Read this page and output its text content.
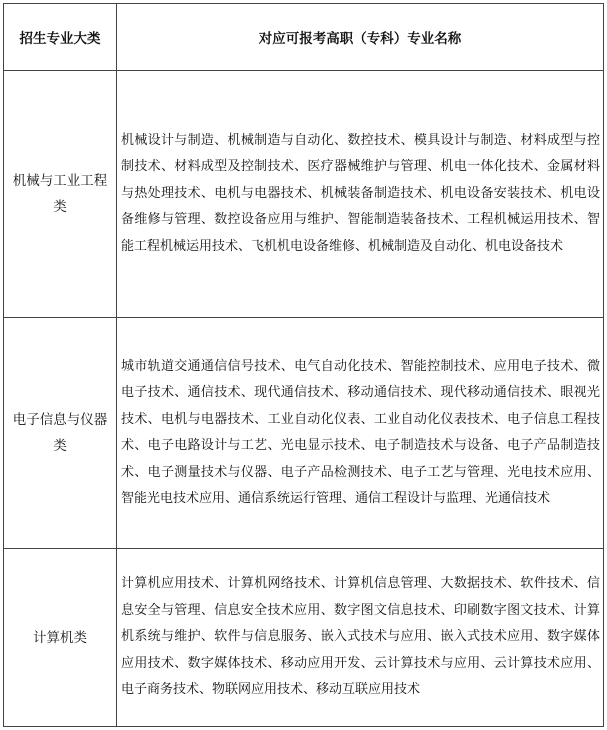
招生专业大类	对应可报考高职（专科）专业名称
机械与工业工程类	机械设计与制造、机械制造与自动化、数控技术、模具设计与制造、材料成型与控制技术、材料成型及控制技术、医疗器械维护与管理、机电一体化技术、金属材料与热处理技术、电机与电器技术、机械装备制造技术、机电设备安装技术、机电设备维修与管理、数控设备应用与维护、智能制造装备技术、工程机械运用技术、智能工程机械运用技术、飞机机电设备维修、机械制造及自动化、机电设备技术
电子信息与仪器类	城市轨道交通通信信号技术、电气自动化技术、智能控制技术、应用电子技术、微电子技术、通信技术、现代通信技术、移动通信技术、现代移动通信技术、眼视光技术、电机与电器技术、工业自动化仪表、工业自动化仪表技术、电子信息工程技术、电子电路设计与工艺、光电显示技术、电子制造技术与设备、电子产品制造技术、电子测量技术与仪器、电子产品检测技术、电子工艺与管理、光电技术应用、智能光电技术应用、通信系统运行管理、通信工程设计与监理、光通信技术
计算机类	计算机应用技术、计算机网络技术、计算机信息管理、大数据技术、软件技术、信息安全与管理、信息安全技术应用、数字图文信息技术、印刷数字图文技术、计算机系统与维护、软件与信息服务、嵌入式技术与应用、嵌入式技术应用、数字媒体应用技术、数字媒体技术、移动应用开发、云计算技术与应用、云计算技术应用、电子商务技术、物联网应用技术、移动互联应用技术
